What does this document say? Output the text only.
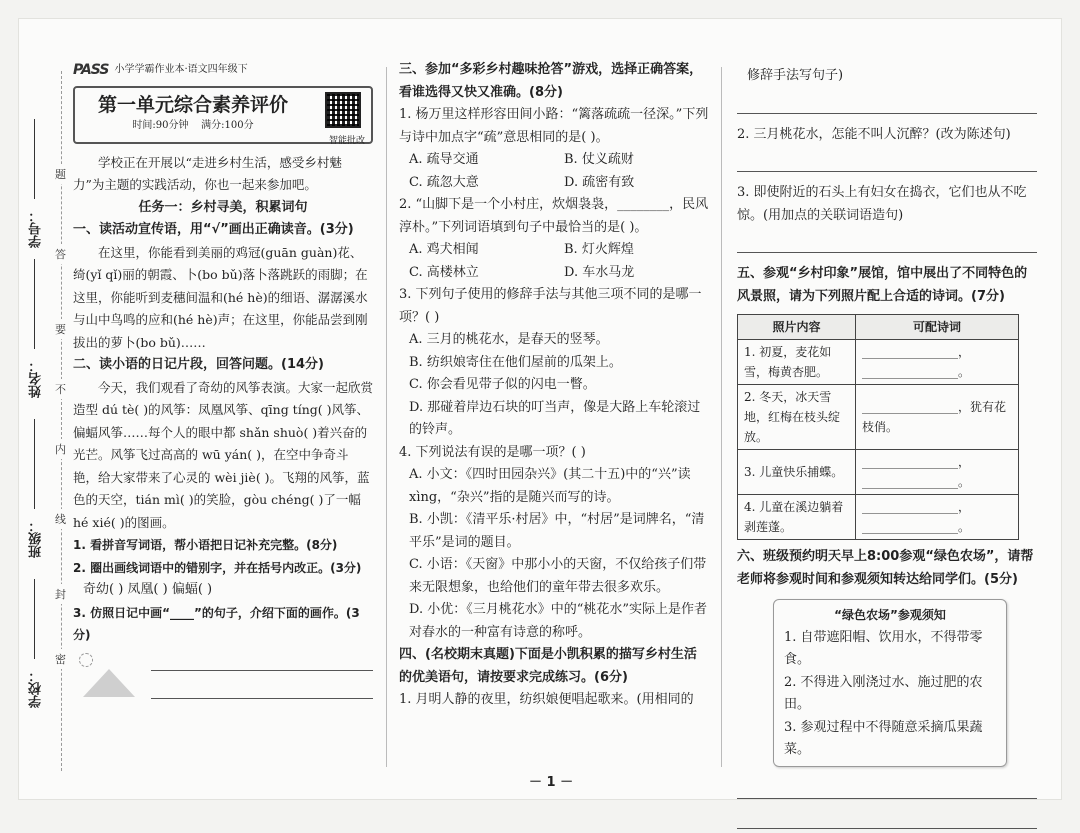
学校：
班级：
姓名：
学号：
题
答
要
不
内
线
封
密
PASS 小学学霸作业本·语文四年级下
第一单元综合素养评价
时间:90分钟 满分:100分
智能批改
学校正在开展以“走进乡村生活，感受乡村魅力”为主题的实践活动，你也一起来参加吧。
任务一：乡村寻美，积累词句
一、读活动宣传语，用“√”画出正确读音。(3分)
在这里，你能看到美丽的鸡冠(guān guàn)花、绮(yǐ qǐ)丽的朝霞、卜(bo bǔ)落卜落跳跃的雨脚；在这里，你能听到麦穗间温和(hé hè)的细语、潺潺溪水与山中鸟鸣的应和(hé hè)声；在这里，你能品尝到刚拔出的萝卜(bo bǔ)……
二、读小语的日记片段，回答问题。(14分)
今天，我们观看了奇幼的风筝表演。大家一起欣赏造型 dú tè( )的风筝：凤凰风筝、qīng tíng( )风筝、偏蝠风筝……每个人的眼中都 shǎn shuò( )着兴奋的光芒。风筝飞过高高的 wū yán( )，在空中争奇斗艳，给大家带来了心灵的 wèi jiè( )。飞翔的风筝，蓝色的天空，tián mì( )的笑脸，gòu chéng( )了一幅 hé xié( )的图画。
1. 看拼音写词语，帮小语把日记补充完整。(8分)
2. 圈出画线词语中的错别字，并在括号内改正。(3分)
奇幼( ) 凤凰( ) 偏蝠( )
3. 仿照日记中画“____”的句子，介绍下面的画作。(3分)
三、参加“多彩乡村趣味抢答”游戏，选择正确答案，看谁选得又快又准确。(8分)
1. 杨万里这样形容田间小路：“篱落疏疏一径深。”下列与诗中加点字“疏”意思相同的是( )。
A. 疏导交通	B. 仗义疏财
C. 疏忽大意	D. 疏密有致
2. “山脚下是一个小村庄，炊烟袅袅，________，民风淳朴。”下列词语填到句子中最恰当的是( )。
A. 鸡犬相闻	B. 灯火辉煌
C. 高楼林立	D. 车水马龙
3. 下列句子使用的修辞手法与其他三项不同的是哪一项？( )
A. 三月的桃花水，是春天的竖琴。
B. 纺织娘寄住在他们屋前的瓜架上。
C. 你会看见带子似的闪电一瞥。
D. 那碰着岸边石块的叮当声，像是大路上车轮滚过的铃声。
4. 下列说法有误的是哪一项？( )
A. 小文：《四时田园杂兴》(其二十五)中的“兴”读xìng，“杂兴”指的是随兴而写的诗。
B. 小凯：《清平乐·村居》中，“村居”是词牌名，“清平乐”是词的题目。
C. 小语：《天窗》中那小小的天窗，不仅给孩子们带来无限想象，也给他们的童年带去很多欢乐。
D. 小优：《三月桃花水》中的“桃花水”实际上是作者对春水的一种富有诗意的称呼。
四、(名校期末真题)下面是小凯积累的描写乡村生活的优美语句，请按要求完成练习。(6分)
1. 月明人静的夜里，纺织娘便唱起歌来。(用相同的
修辞手法写句子)
2. 三月桃花水，怎能不叫人沉醉？(改为陈述句)
3. 即使附近的石头上有妇女在捣衣，它们也从不吃惊。(用加点的关联词语造句)
五、参观“乡村印象”展馆，馆中展出了不同特色的风景照，请为下列照片配上合适的诗词。(7分)
照片内容	可配诗词
1. 初夏，麦花如雪，梅黄杏肥。	________________，________________。
2. 冬天，冰天雪地，红梅在枝头绽放。	________________，犹有花枝俏。
3. 儿童快乐捕蝶。	________________，________________。
4. 儿童在溪边躺着剥莲蓬。	________________，________________。
六、班级预约明天早上8:00参观“绿色农场”，请帮老师将参观时间和参观须知转达给同学们。(5分)
“绿色农场”参观须知
1. 自带遮阳帽、饮用水，不得带零食。
2. 不得进入刚浇过水、施过肥的农田。
3. 参观过程中不得随意采摘瓜果蔬菜。
－ 1 －
